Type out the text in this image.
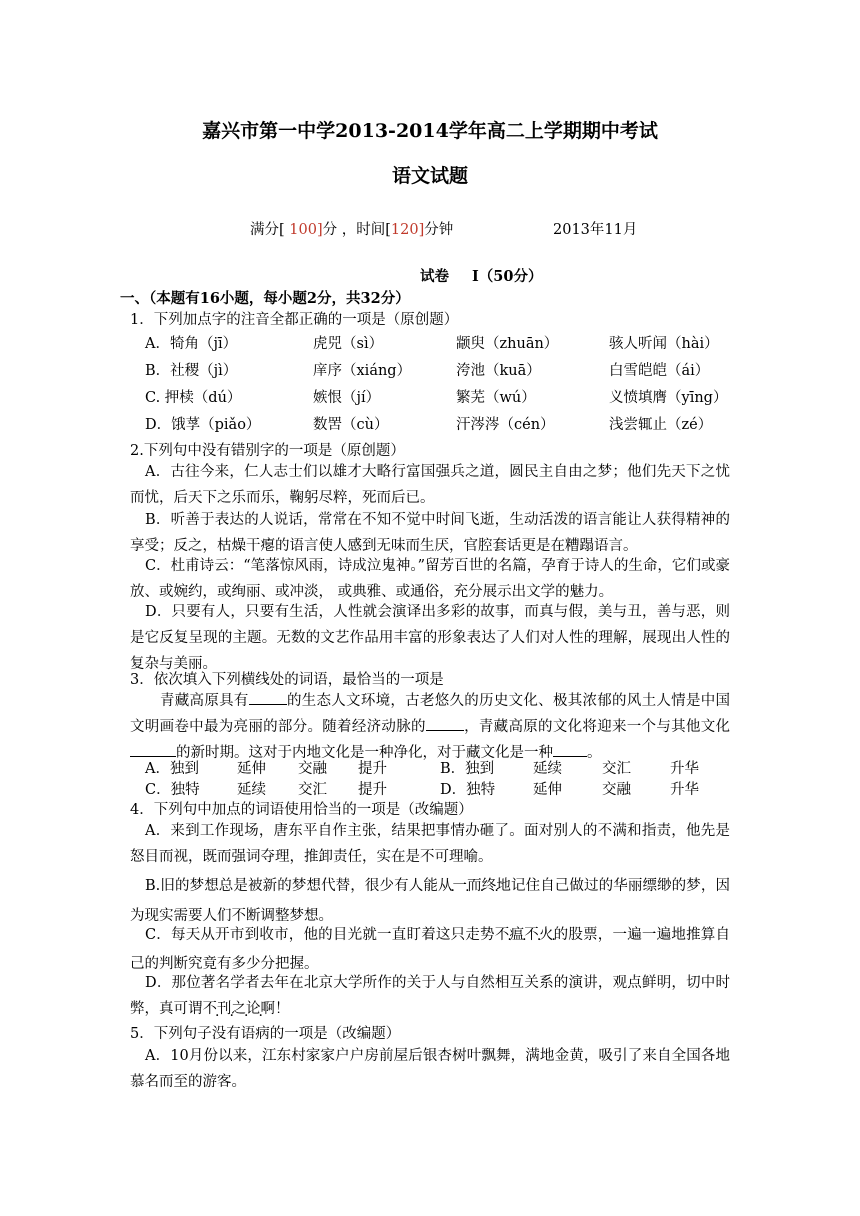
嘉兴市第一中学2013-2014学年高二上学期期中考试
语文试题
满分[ 100]分 ，时间[120]分钟	2013年11月
试卷 I（50分）
一、（本题有16小题，每小题2分，共32分）
1．下列加点字的注音全都正确的一项是（原创题）
A．犄角（jī）	虎兕（sì）	颛臾（zhuān）	骇人听闻（hài）
B．社稷（jì）	庠序（xiáng）	洿池（kuā）	白雪皑皑（ái）
C. 押椟（dú）	嫉恨（jí）	繁芜（wú）	义愤填膺（yīng）
D．饿莩（piǎo）	数罟（cù）	汗涔涔（cén）	浅尝辄止（zé）
2.下列句中没有错别字的一项是（原创题）
A．古往今来，仁人志士们以雄才大略行富国强兵之道，圆民主自由之梦；他们先天下之忧而忧，后天下之乐而乐，鞠躬尽粹，死而后已。
B．听善于表达的人说话，常常在不知不觉中时间飞逝，生动活泼的语言能让人获得精神的享受；反之，枯燥干瘪的语言使人感到无味而生厌，官腔套话更是在糟蹋语言。
C．杜甫诗云：“笔落惊风雨，诗成泣鬼神。”留芳百世的名篇，孕育于诗人的生命，它们或豪放、或婉约，或绚丽、或冲淡， 或典雅、或通俗，充分展示出文学的魅力。
D．只要有人，只要有生活，人性就会演译出多彩的故事，而真与假，美与丑，善与恶，则是它反复呈现的主题。无数的文艺作品用丰富的形象表达了人们对人性的理解，展现出人性的复杂与美丽。
3．依次填入下列横线处的词语，最恰当的一项是
青藏高原具有	的生态人文环境，古老悠久的历史文化、极其浓郁的风土人情是中国文明画卷中最为亮丽的部分。随着经济动脉的	，青藏高原的文化将迎来一个与其他文化的新时期。这对于内地文化是一种净化，对于藏文化是一种 。
A．独到	延伸 交融 提升	B．独到	延续	交汇	升华
C．独特	延续 交汇 提升	D．独特	延伸	交融	升华
4．下列句中加点的词语使用恰当的一项是（改编题）
A．来到工作现场，唐东平自作主张，结果把事情办砸了。面对别人的不满和指责，他先是怒目而视，既而强词夺理，推卸责任，实在是不可理喻。
B.旧的梦想总是被新的梦想代替，很少有人能从一而终地记住自己做过的华丽缥缈的梦，因为现实需要人们不断调整梦想。
C．每天从开市到收市，他的目光就一直盯着这只走势不瘟不火的股票，一遍一遍地推算自己的判断究竟有多少分把握。
D．那位著名学者去年在北京大学所作的关于人与自然相互关系的演讲，观点鲜明，切中时弊，真可谓不刊之论啊！
5．下列句子没有语病的一项是（改编题）
A．10月份以来，江东村家家户户房前屋后银杏树叶飘舞，满地金黄，吸引了来自全国各地慕名而至的游客。
